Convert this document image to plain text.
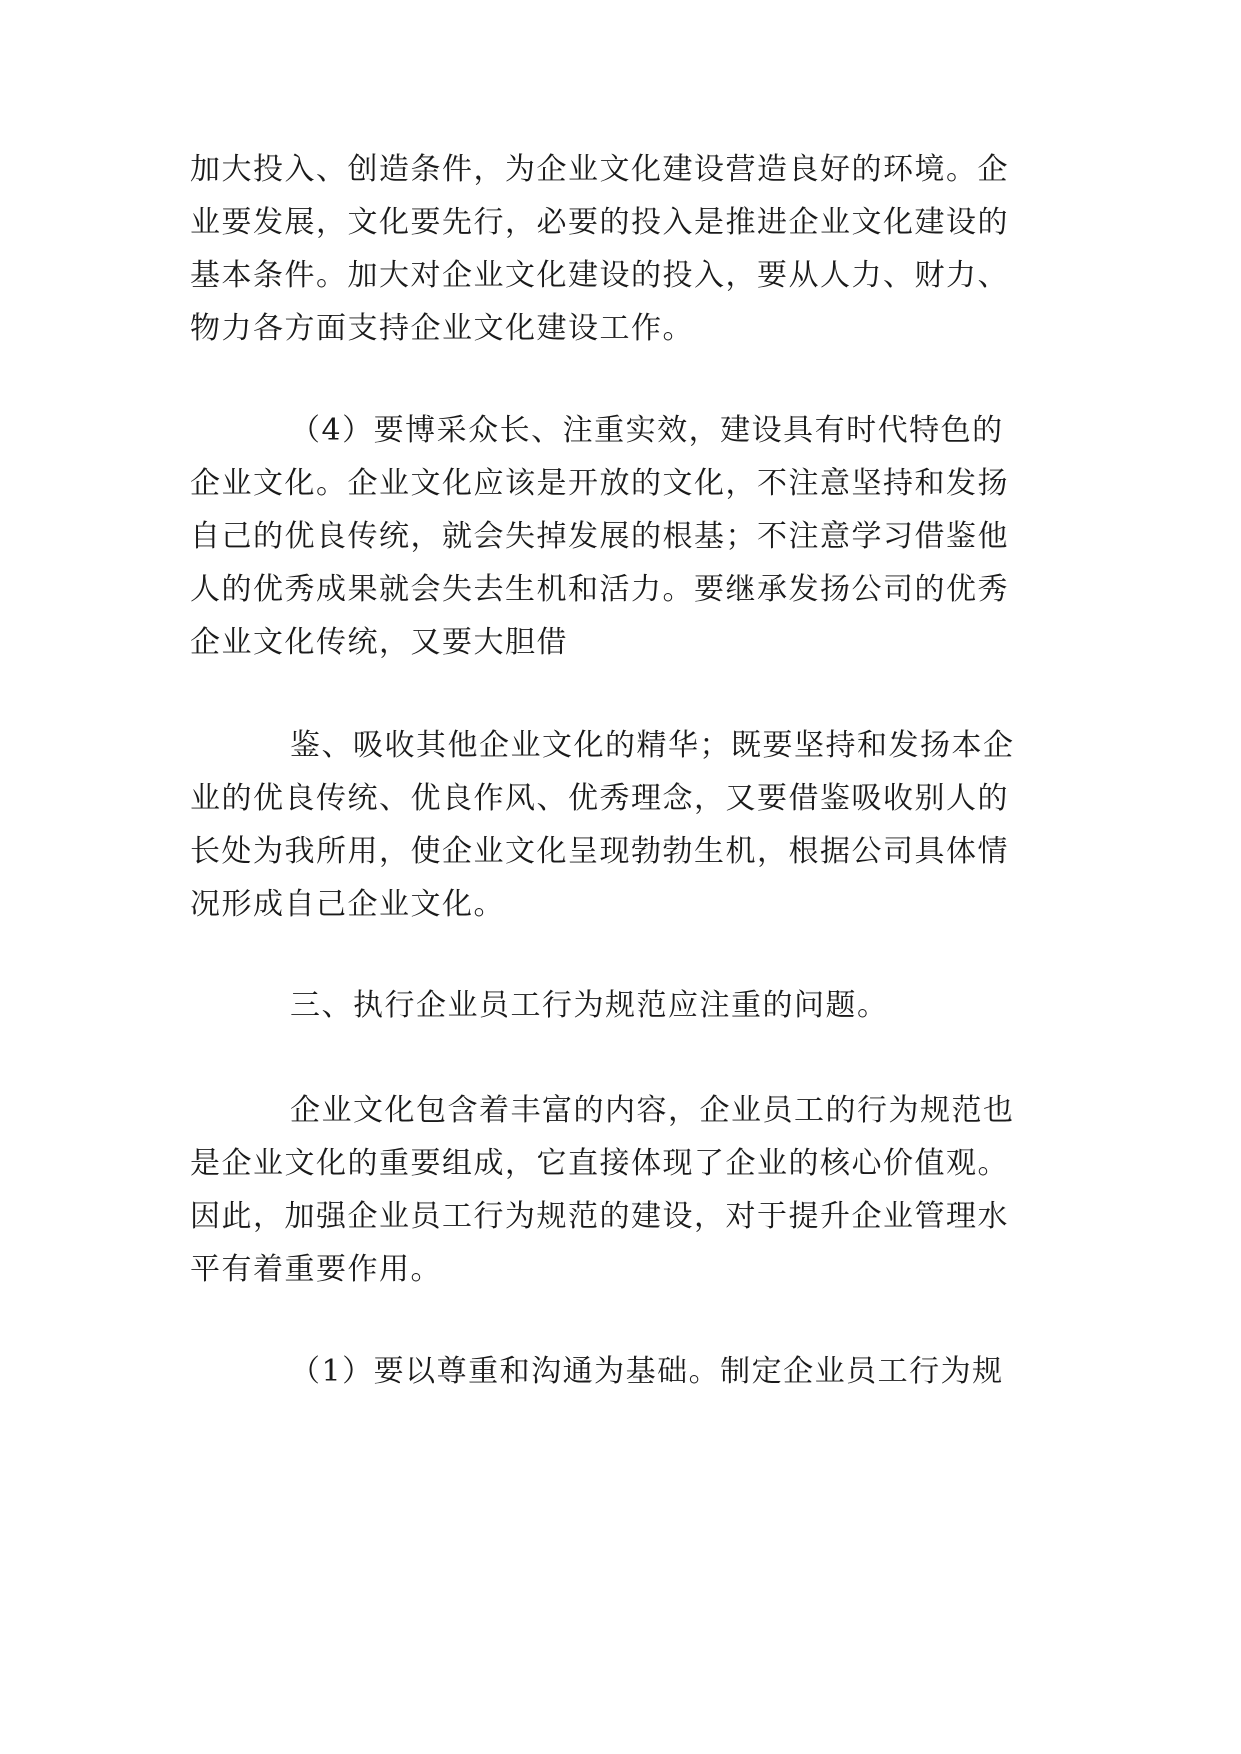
加大投入、创造条件，为企业文化建设营造良好的环境。企
业要发展，文化要先行，必要的投入是推进企业文化建设的
基本条件。加大对企业文化建设的投入，要从人力、财力、
物力各方面支持企业文化建设工作。
（4）要博采众长、注重实效，建设具有时代特色的
企业文化。企业文化应该是开放的文化，不注意坚持和发扬
自己的优良传统，就会失掉发展的根基；不注意学习借鉴他
人的优秀成果就会失去生机和活力。要继承发扬公司的优秀
企业文化传统，又要大胆借
鉴、吸收其他企业文化的精华；既要坚持和发扬本企
业的优良传统、优良作风、优秀理念，又要借鉴吸收别人的
长处为我所用，使企业文化呈现勃勃生机，根据公司具体情
况形成自己企业文化。
三、执行企业员工行为规范应注重的问题。
企业文化包含着丰富的内容，企业员工的行为规范也
是企业文化的重要组成，它直接体现了企业的核心价值观。
因此，加强企业员工行为规范的建设，对于提升企业管理水
平有着重要作用。
（1）要以尊重和沟通为基础。制定企业员工行为规
